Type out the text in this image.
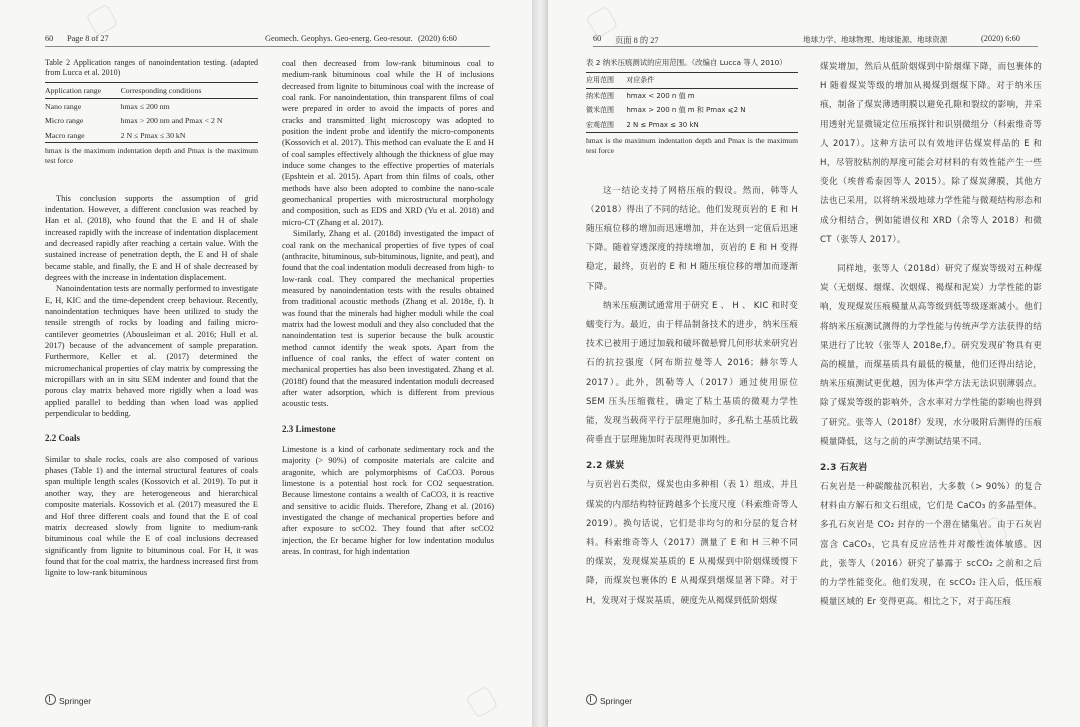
60 Page 8 of 27	Geomech. Geophys. Geo-energ. Geo-resour. (2020) 6:60
Table 2 Application ranges of nanoindentation testing. (adapted from Lucca et al. 2010)
Application range	Corresponding conditions
Nano range	hmax ≤ 200 nm
Micro range	hmax > 200 nm and Pmax < 2 N
Macro range	2 N ≤ Pmax ≤ 30 kN
hmax is the maximum indentation depth and Pmax is the maximum test force

This conclusion supports the assumption of grid indentation. However, a different conclusion was reached by Han et al. (2018), who found that the E and H of shale increased rapidly with the increase of indentation displacement and decreased rapidly after reaching a certain value. With the sustained increase of penetration depth, the E and H of shale became stable, and finally, the E and H of shale decreased by degrees with the increase in indentation displacement.

Nanoindentation tests are normally performed to investigate E, H, KIC and the time-dependent creep behaviour. Recently, nanoindentation techniques have been utilized to study the tensile strength of rocks by loading and failing micro-cantilever geometries (Abousleiman et al. 2016; Hull et al. 2017) because of the advancement of sample preparation. Furthermore, Keller et al. (2017) determined the micromechanical properties of clay matrix by compressing the micropillars with an in situ SEM indenter and found that the porous clay matrix behaved more rigidly when a load was applied parallel to bedding than when load was applied perpendicular to bedding.

2.2 Coals

Similar to shale rocks, coals are also composed of various phases (Table 1) and the internal structural features of coals span multiple length scales (Kossovich et al. 2019). To put it another way, they are heterogeneous and hierarchical composite materials. Kossovich et al. (2017) measured the E and Hof three different coals and found that the E of coal matrix decreased slowly from lignite to medium-rank bituminous coal while the E of coal inclusions decreased significantly from lignite to bituminous coal. For H, it was found that for the coal matrix, the hardness increased first from lignite to low-rank bituminous

coal then decreased from low-rank bituminous coal to medium-rank bituminous coal while the H of inclusions decreased from lignite to bituminous coal with the increase of coal rank. For nanoindentation, thin transparent films of coal were prepared in order to avoid the impacts of pores and cracks and transmitted light microscopy was adopted to position the indent probe and identify the micro-components (Kossovich et al. 2017). This method can evaluate the E and H of coal samples effectively although the thickness of glue may induce some changes to the effective properties of materials (Epshtein et al. 2015). Apart from thin films of coals, other methods have also been adopted to combine the nano-scale geomechanical properties with microstructural morphology and composition, such as EDS and XRD (Yu et al. 2018) and micro-CT (Zhang et al. 2017).

Similarly, Zhang et al. (2018d) investigated the impact of coal rank on the mechanical properties of five types of coal (anthracite, bituminous, sub-bituminous, lignite, and peat), and found that the coal indentation moduli decreased from high- to low-rank coal. They compared the mechanical properties measured by nanoindentation tests with the results obtained from traditional acoustic methods (Zhang et al. 2018e, f). It was found that the minerals had higher moduli while the coal matrix had the lowest moduli and they also concluded that the nanoindentation test is superior because the bulk acoustic method cannot identify the weak spots. Apart from the influence of coal ranks, the effect of water content on mechanical properties has also been investigated. Zhang et al. (2018f) found that the measured indentation moduli decreased after water adsorption, which is different from previous acoustic tests.

2.3 Limestone

Limestone is a kind of carbonate sedimentary rock and the majority (> 90%) of composite materials are calcite and aragonite, which are polymorphisms of CaCO3. Porous limestone is a potential host rock for CO2 sequestration. Because limestone contains a wealth of CaCO3, it is reactive and sensitive to acidic fluids. Therefore, Zhang et al. (2016) investigated the change of mechanical properties before and after exposure to scCO2. They found that after scCO2 injection, the Er became higher for low indentation modulus areas. In contrast, for high indentation

Springer
60 页面 8 的 27	地球力学、地球物理、地球能源、地球资源	(2020) 6:60
表 2 纳米压痕测试的应用范围。（改编自 Lucca 等人 2010）
应用范围	对应条件
纳米范围	hmax < 200 n 值 m
微米范围	hmax > 200 n 值 m 和 Pmax ⩽2 N
宏观范围	2 N ≤ Pmax ≤ 30 kN
hmax is the maximum indentation depth and Pmax is the maximum test force

这一结论支持了网格压痕的假设。然而，韩等人（2018）得出了不同的结论。他们发现页岩的 E 和 H 随压痕位移的增加而迅速增加，并在达到一定值后迅速下降。随着穿透深度的持续增加，页岩的 E 和 H 变得稳定，最终，页岩的 E 和 H 随压痕位移的增加而逐渐下降。

纳米压痕测试通常用于研究 E 、 H 、 KIC 和时变蠕变行为。最近，由于样品制备技术的进步，纳米压痕技术已被用于通过加载和破坏微悬臂几何形状来研究岩石的抗拉强度（阿布斯拉曼等人 2016；赫尔等人 2017）。此外，凯勒等人（2017）通过使用原位 SEM 压头压缩微柱，确定了粘土基质的微观力学性能，发现当载荷平行于层理施加时，多孔粘土基质比载荷垂直于层理施加时表现得更加刚性。

2.2 煤炭

与页岩岩石类似，煤炭也由多种相（表 1）组成，并且煤炭的内部结构特征跨越多个长度尺度（科索维奇等人 2019）。换句话说，它们是非均匀的和分层的复合材料。科索维奇等人（2017）测量了 E 和 H 三种不同的煤炭，发现煤炭基质的 E 从褐煤到中阶烟煤缓慢下降，而煤炭包裹体的 E 从褐煤到烟煤显著下降。对于 H，发现对于煤炭基质，硬度先从褐煤到低阶烟煤

煤炭增加，然后从低阶烟煤到中阶烟煤下降，而包裹体的 H 随着煤炭等级的增加从褐煤到烟煤下降。对于纳米压痕，制备了煤炭薄透明膜以避免孔隙和裂纹的影响，并采用透射光显微镜定位压痕探针和识别微组分（科索维奇等人 2017）。这种方法可以有效地评估煤炭样品的 E 和 H，尽管胶粘剂的厚度可能会对材料的有效性能产生一些变化（埃普希泰因等人 2015）。除了煤炭薄膜，其他方法也已采用，以将纳米级地球力学性能与微观结构形态和成分相结合，例如能谱仪和 XRD（余等人 2018）和微 CT（张等人 2017）。

同样地，张等人（2018d）研究了煤炭等级对五种煤炭（无烟煤、烟煤、次烟煤、褐煤和泥炭）力学性能的影响，发现煤炭压痕模量从高等级到低等级逐渐减小。他们将纳米压痕测试测得的力学性能与传统声学方法获得的结果进行了比较（张等人 2018e,f）。研究发现矿物具有更高的模量，而煤基质具有最低的模量，他们还得出结论，纳米压痕测试更优越，因为体声学方法无法识别薄弱点。除了煤炭等级的影响外，含水率对力学性能的影响也得到了研究。张等人（2018f）发现，水分吸附后测得的压痕模量降低，这与之前的声学测试结果不同。

2.3 石灰岩

石灰岩是一种碳酸盐沉积岩，大多数（> 90%）的复合材料由方解石和文石组成，它们是 CaCO₃ 的多晶型体。多孔石灰岩是 CO₂ 封存的一个潜在储集岩。由于石灰岩富含 CaCO₃，它具有反应活性并对酸性流体敏感。因此，张等人（2016）研究了暴露于 scCO₂ 之前和之后的力学性能变化。他们发现，在 scCO₂ 注入后，低压痕模量区域的 Er 变得更高。相比之下，对于高压痕

Springer
